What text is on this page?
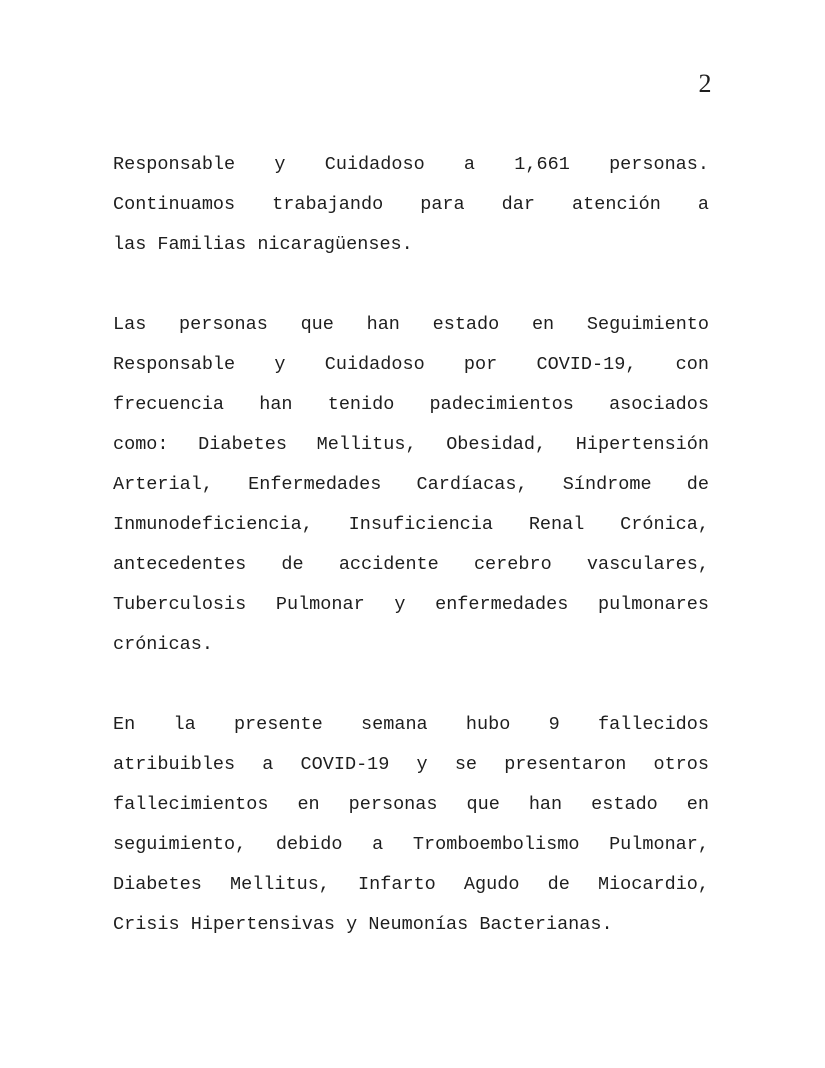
2
Responsable y Cuidadoso a 1,661 personas.
Continuamos trabajando para dar atención a
las Familias nicaragüenses.
Las personas que han estado en Seguimiento
Responsable y Cuidadoso por COVID-19, con
frecuencia han tenido padecimientos asociados
como: Diabetes Mellitus, Obesidad, Hipertensión
Arterial, Enfermedades Cardíacas, Síndrome de
Inmunodeficiencia, Insuficiencia Renal Crónica,
antecedentes de accidente cerebro vasculares,
Tuberculosis Pulmonar y enfermedades pulmonares
crónicas.
En la presente semana hubo 9 fallecidos
atribuibles a COVID-19 y se presentaron otros
fallecimientos en personas que han estado en
seguimiento, debido a Tromboembolismo Pulmonar,
Diabetes Mellitus, Infarto Agudo de Miocardio,
Crisis Hipertensivas y Neumonías Bacterianas.
